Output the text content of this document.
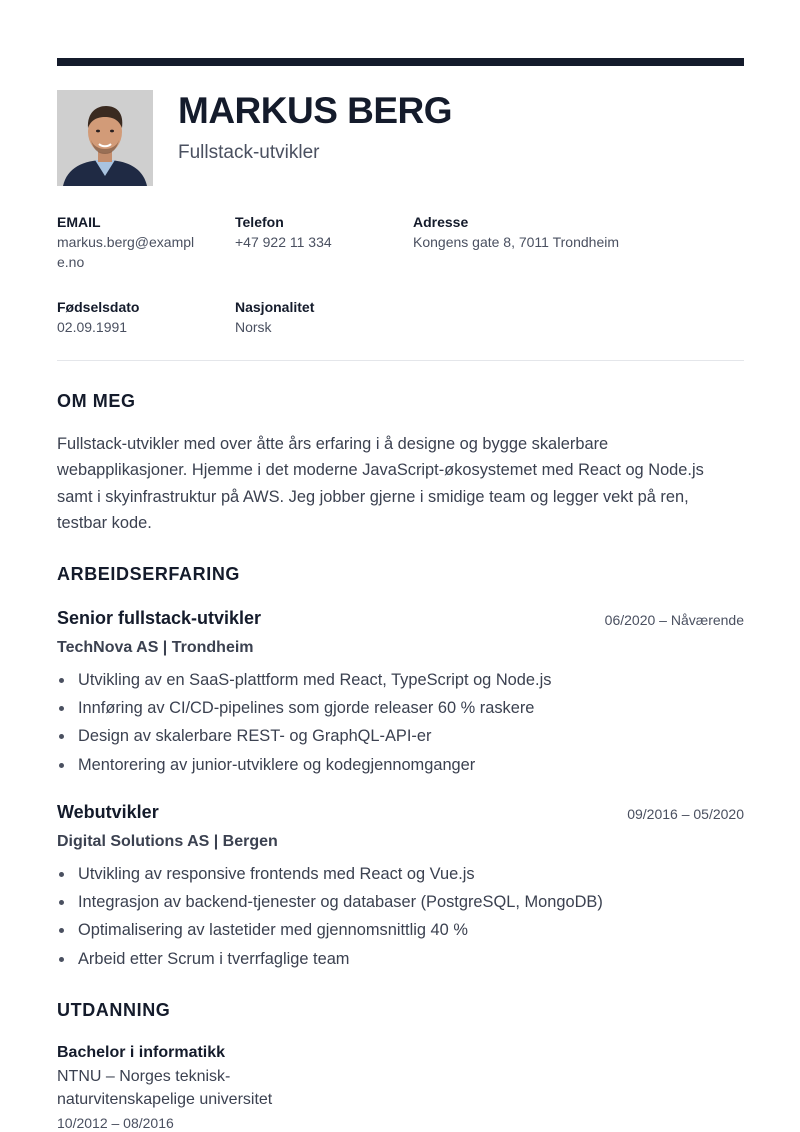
MARKUS BERG

Fullstack-utvikler

EMAIL
markus.berg@exampl
e.no
Telefon
+47 922 11 334
Adresse
Kongens gate 8, 7011 Trondheim
Fødselsdato
02.09.1991
Nasjonalitet
Norsk
OM MEG
Fullstack-utvikler med over åtte års erfaring i å designe og bygge skalerbare
webapplikasjoner. Hjemme i det moderne JavaScript-økosystemet med React og Node.js
samt i skyinfrastruktur på AWS. Jeg jobber gjerne i smidige team og legger vekt på ren,
testbar kode.
ARBEIDSERFARING
Senior fullstack-utvikler	06/2020 – Nåværende
TechNova AS | Trondheim
Utvikling av en SaaS-plattform med React, TypeScript og Node.js
Innføring av CI/CD-pipelines som gjorde releaser 60 % raskere
Design av skalerbare REST- og GraphQL-API-er
Mentorering av junior-utviklere og kodegjennomganger
Webutvikler	09/2016 – 05/2020
Digital Solutions AS | Bergen
Utvikling av responsive frontends med React og Vue.js
Integrasjon av backend-tjenester og databaser (PostgreSQL, MongoDB)
Optimalisering av lastetider med gjennomsnittlig 40 %
Arbeid etter Scrum i tverrfaglige team
UTDANNING
Bachelor i informatikk
NTNU – Norges teknisk-
naturvitenskapelige universitet
10/2012 – 08/2016
